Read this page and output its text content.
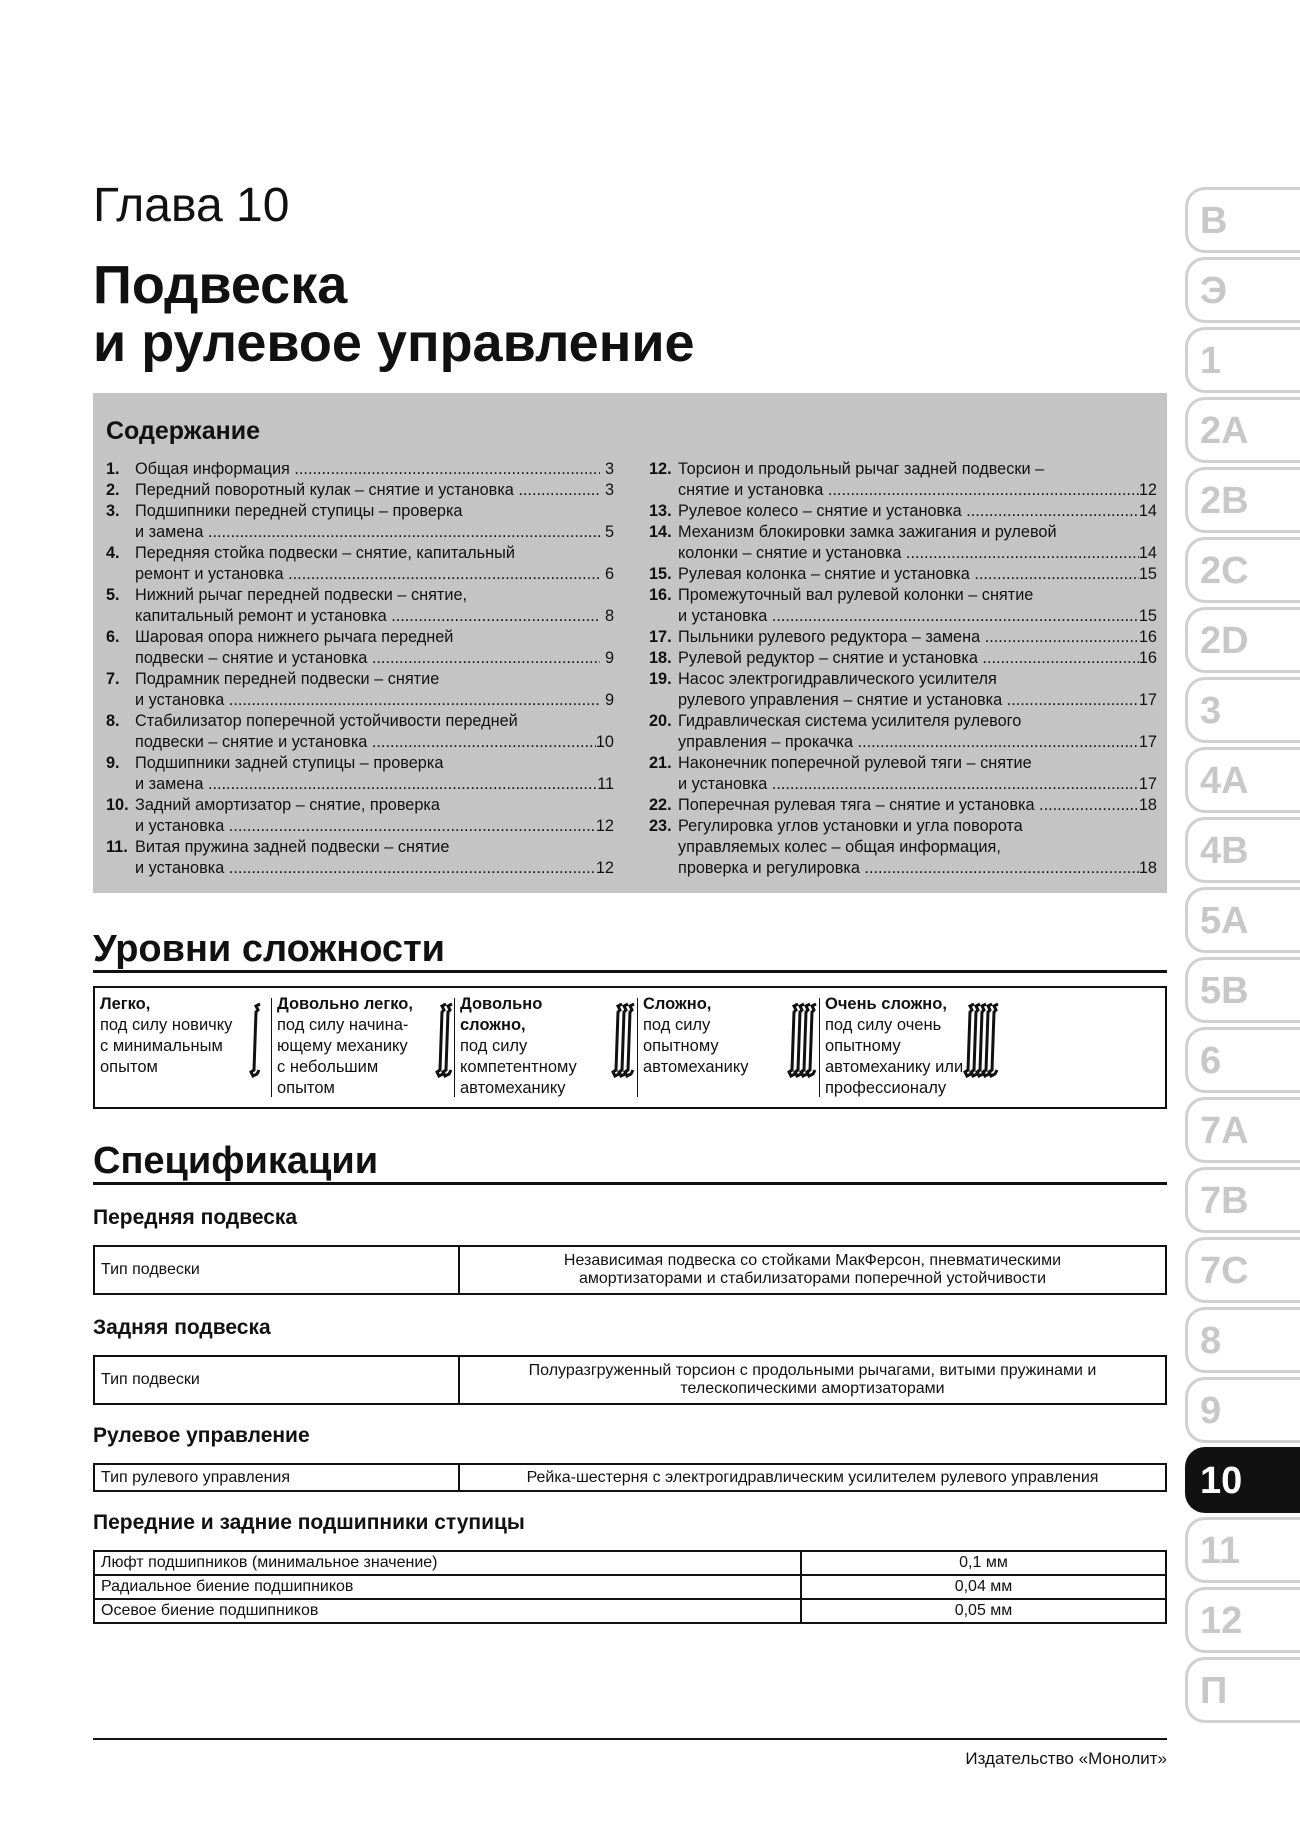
Глава 10
Подвеска
и рулевое управление
Содержание
1. Общая информация .....	3
2. Передний поворотный кулак – снятие и установка .....	3
3. Подшипники передней ступицы – проверка
и замена .....	5
4. Передняя стойка подвески – снятие, капитальный
ремонт и установка .....	6
5. Нижний рычаг передней подвески – снятие,
капитальный ремонт и установка .....	8
6. Шаровая опора нижнего рычага передней
подвески – снятие и установка .....	9
7. Подрамник передней подвески – снятие
и установка .....	9
8. Стабилизатор поперечной устойчивости передней
подвески – снятие и установка .....	10
9. Подшипники задней ступицы – проверка
и замена .....	11
10. Задний амортизатор – снятие, проверка
и установка .....	12
11. Витая пружина задней подвески – снятие
и установка .....	12
12. Торсион и продольный рычаг задней подвески –
снятие и установка .....	12
13. Рулевое колесо – снятие и установка .....	14
14. Механизм блокировки замка зажигания и рулевой
колонки – снятие и установка .....	14
15. Рулевая колонка – снятие и установка .....	15
16. Промежуточный вал рулевой колонки – снятие
и установка .....	15
17. Пыльники рулевого редуктора – замена .....	16
18. Рулевой редуктор – снятие и установка .....	16
19. Насос электрогидравлического усилителя
рулевого управления – снятие и установка .....	17
20. Гидравлическая система усилителя рулевого
управления – прокачка .....	17
21. Наконечник поперечной рулевой тяги – снятие
и установка .....	17
22. Поперечная рулевая тяга – снятие и установка .....	18
23. Регулировка углов установки и угла поворота
управляемых колес – общая информация,
проверка и регулировка .....	18
Уровни сложности
Легко,
под силу новичку
с минимальным
опытом
Довольно легко,
под силу начина-
ющему механику
с небольшим
опытом
Довольно
сложно,
под силу
компетентному
автомеханику
Сложно,
под силу
опытному
автомеханику
Очень сложно,
под силу очень
опытному
автомеханику или
профессионалу
Спецификации
Передняя подвеска
Тип подвески	
Независимая подвеска со стойками МакФерсон, пневматическими
амортизаторами и стабилизаторами поперечной устойчивости
Задняя подвеска
Тип подвески	
Полуразгруженный торсион с продольными рычагами, витыми пружинами и
телескопическими амортизаторами
Рулевое управление
Тип рулевого управления	Рейка-шестерня с электрогидравлическим усилителем рулевого управления
Передние и задние подшипники ступицы
Люфт подшипников (минимальное значение)	0,1 мм
Радиальное биение подшипников	0,04 мм
Осевое биение подшипников	0,05 мм
В
Э
1
2A
2B
2C
2D
3
4A
4B
5A
5B
6
7A
7B
7C
8
9
10
11
12
П
Издательство «Монолит»
